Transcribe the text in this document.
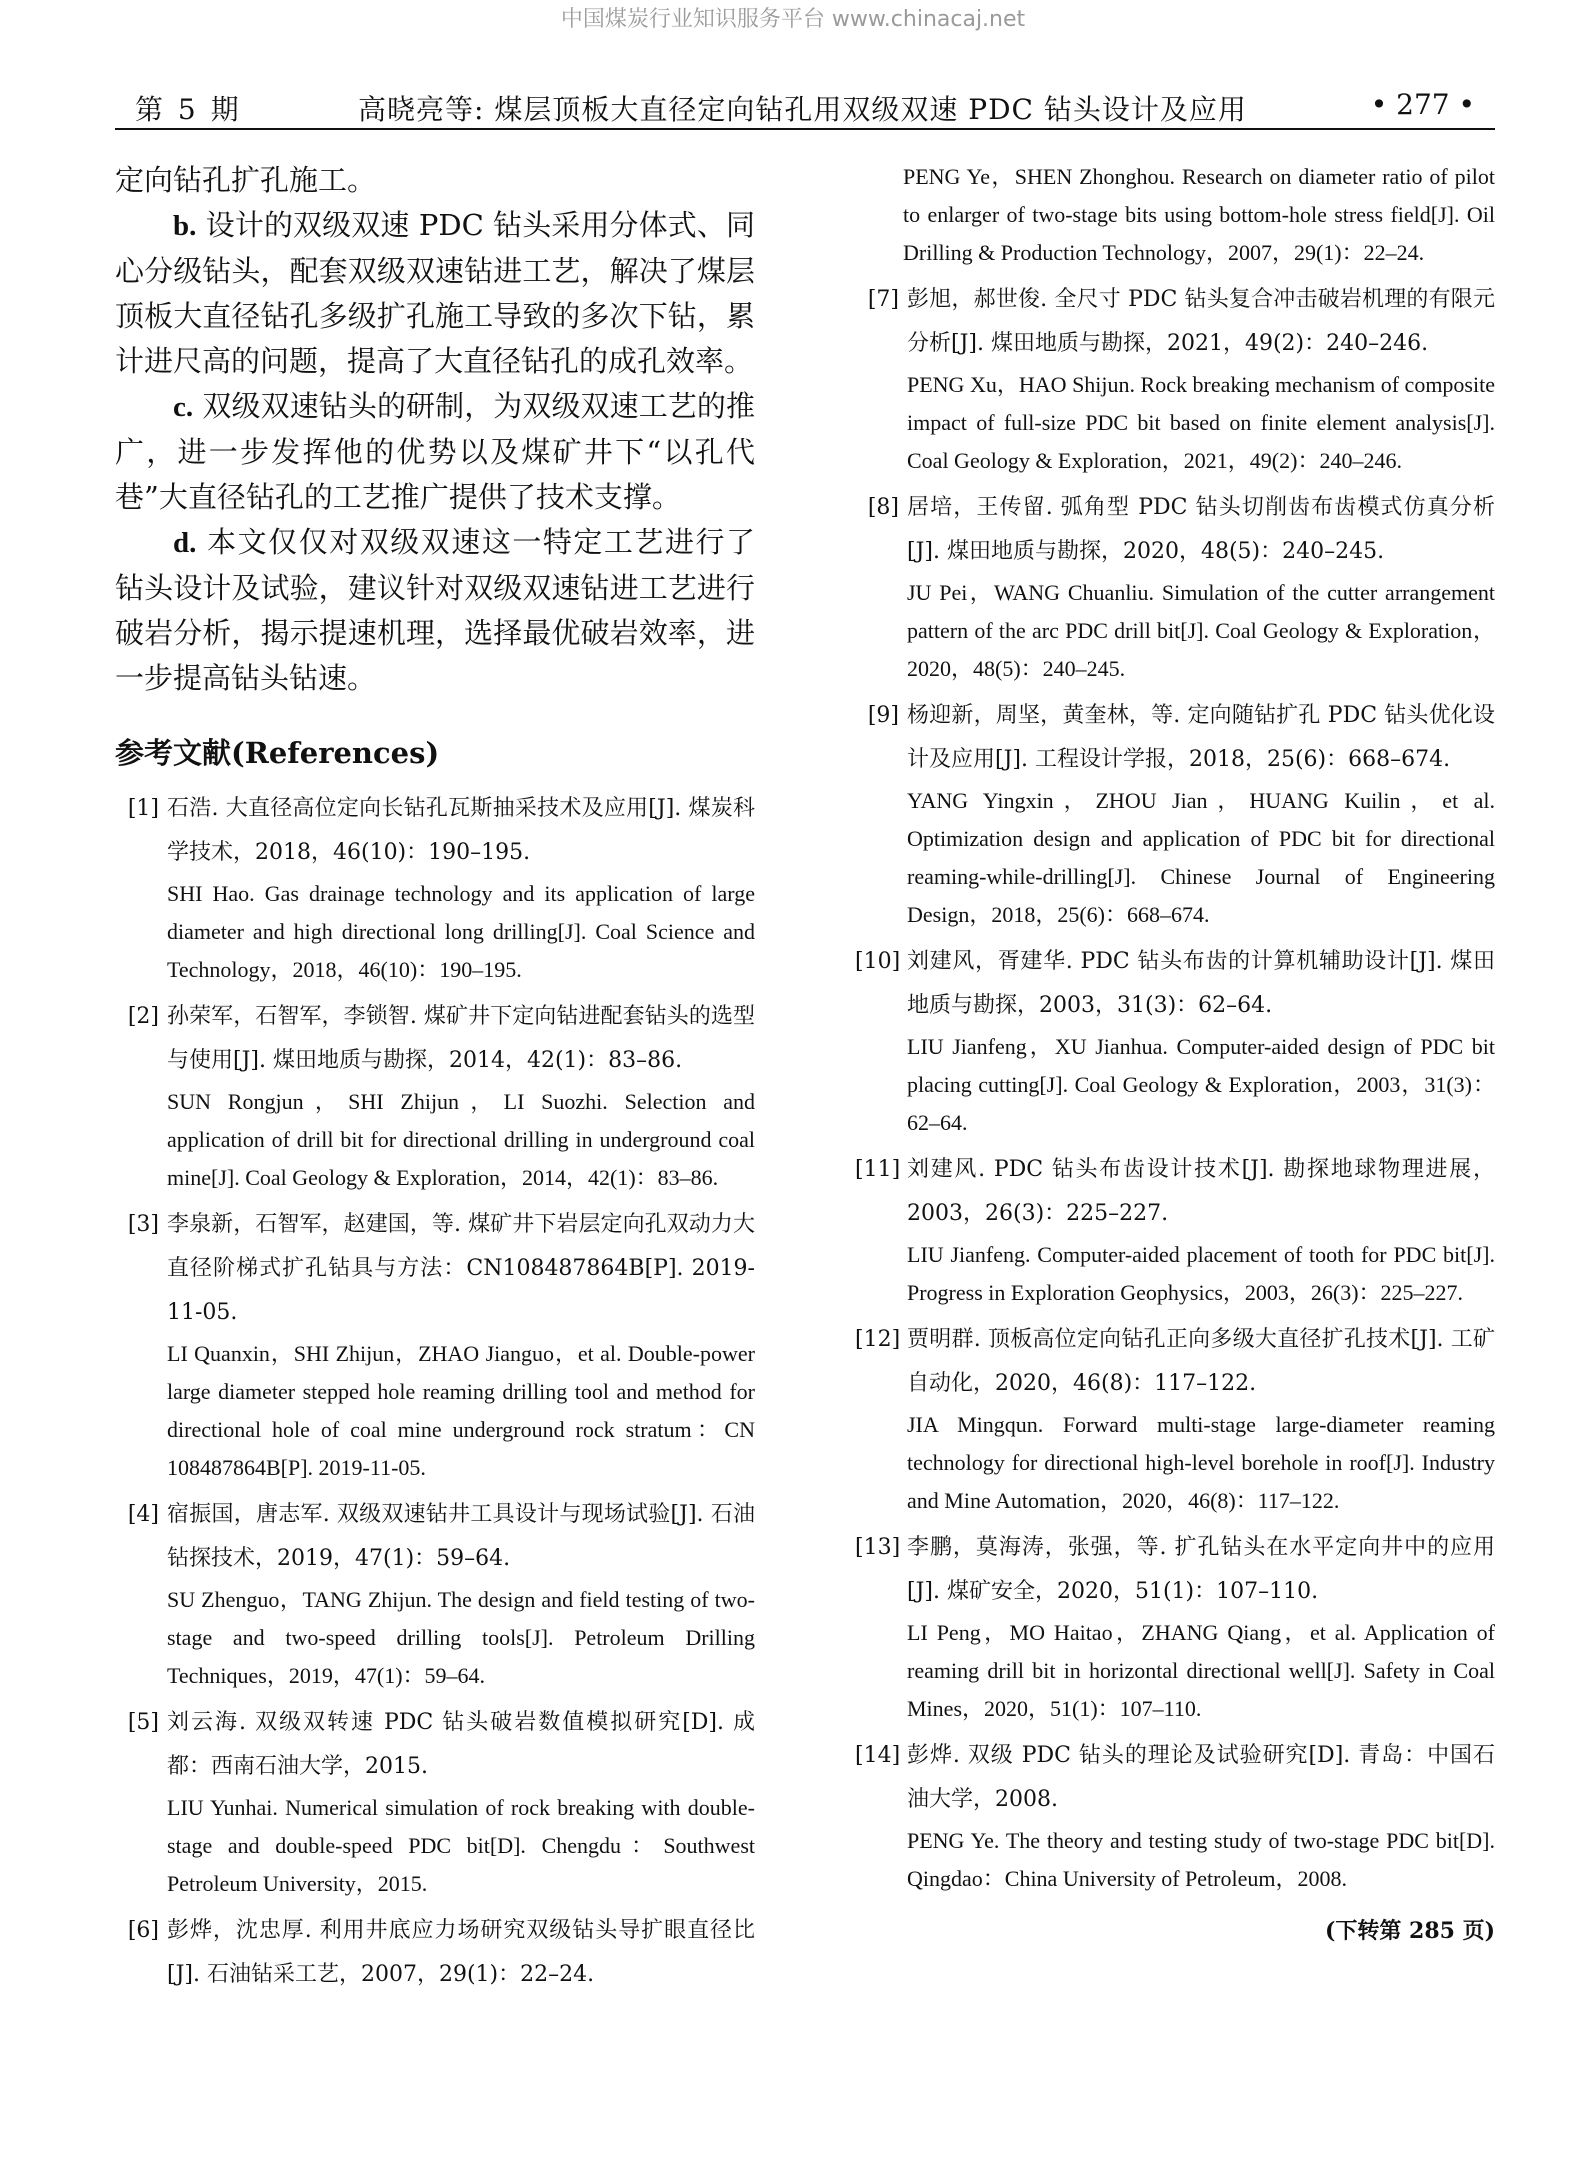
中国煤炭行业知识服务平台 www.chinacaj.net
第 5 期	高晓亮等: 煤层顶板大直径定向钻孔用双级双速 PDC 钻头设计及应用	• 277 •

定向钻孔扩孔施工。

b. 设计的双级双速 PDC 钻头采用分体式、同心分级钻头，配套双级双速钻进工艺，解决了煤层顶板大直径钻孔多级扩孔施工导致的多次下钻，累计进尺高的问题，提高了大直径钻孔的成孔效率。

c. 双级双速钻头的研制，为双级双速工艺的推广，进一步发挥他的优势以及煤矿井下“以孔代巷”大直径钻孔的工艺推广提供了技术支撑。

d. 本文仅仅对双级双速这一特定工艺进行了钻头设计及试验，建议针对双级双速钻进工艺进行破岩分析，揭示提速机理，选择最优破岩效率，进一步提高钻头钻速。

参考文献(References)
[1] 石浩. 大直径高位定向长钻孔瓦斯抽采技术及应用[J]. 煤炭科学技术，2018，46(10)：190–195.
SHI Hao. Gas drainage technology and its application of large diameter and high directional long drilling[J]. Coal Science and Technology，2018，46(10)：190–195.
[2] 孙荣军，石智军，李锁智. 煤矿井下定向钻进配套钻头的选型与使用[J]. 煤田地质与勘探，2014，42(1)：83–86.
SUN Rongjun，SHI Zhijun，LI Suozhi. Selection and application of drill bit for directional drilling in underground coal mine[J]. Coal Geology & Exploration，2014，42(1)：83–86.
[3] 李泉新，石智军，赵建国，等. 煤矿井下岩层定向孔双动力大直径阶梯式扩孔钻具与方法：CN108487864B[P]. 2019-11-05.
LI Quanxin，SHI Zhijun，ZHAO Jianguo，et al. Double-power large diameter stepped hole reaming drilling tool and method for directional hole of coal mine underground rock stratum：CN 108487864B[P]. 2019-11-05.
[4] 宿振国，唐志军. 双级双速钻井工具设计与现场试验[J]. 石油钻探技术，2019，47(1)：59–64.
SU Zhenguo，TANG Zhijun. The design and field testing of two-stage and two-speed drilling tools[J]. Petroleum Drilling Techniques，2019，47(1)：59–64.
[5] 刘云海. 双级双转速 PDC 钻头破岩数值模拟研究[D]. 成都：西南石油大学，2015.
LIU Yunhai. Numerical simulation of rock breaking with double-stage and double-speed PDC bit[D]. Chengdu：Southwest Petroleum University，2015.
[6] 彭烨，沈忠厚. 利用井底应力场研究双级钻头导扩眼直径比[J]. 石油钻采工艺，2007，29(1)：22–24.
PENG Ye，SHEN Zhonghou. Research on diameter ratio of pilot to enlarger of two-stage bits using bottom-hole stress field[J]. Oil Drilling & Production Technology，2007，29(1)：22–24.
[7] 彭旭，郝世俊. 全尺寸 PDC 钻头复合冲击破岩机理的有限元分析[J]. 煤田地质与勘探，2021，49(2)：240–246.
PENG Xu，HAO Shijun. Rock breaking mechanism of composite impact of full-size PDC bit based on finite element analysis[J]. Coal Geology & Exploration，2021，49(2)：240–246.
[8] 居培，王传留. 弧角型 PDC 钻头切削齿布齿模式仿真分析[J]. 煤田地质与勘探，2020，48(5)：240–245.
JU Pei，WANG Chuanliu. Simulation of the cutter arrangement pattern of the arc PDC drill bit[J]. Coal Geology & Exploration，2020，48(5)：240–245.
[9] 杨迎新，周坚，黄奎林，等. 定向随钻扩孔 PDC 钻头优化设计及应用[J]. 工程设计学报，2018，25(6)：668–674.
YANG Yingxin，ZHOU Jian，HUANG Kuilin，et al. Optimization design and application of PDC bit for directional reaming-while-drilling[J]. Chinese Journal of Engineering Design，2018，25(6)：668–674.
[10] 刘建风，胥建华. PDC 钻头布齿的计算机辅助设计[J]. 煤田地质与勘探，2003，31(3)：62–64.
LIU Jianfeng，XU Jianhua. Computer-aided design of PDC bit placing cutting[J]. Coal Geology & Exploration，2003，31(3)：62–64.
[11] 刘建风. PDC 钻头布齿设计技术[J]. 勘探地球物理进展，2003，26(3)：225–227.
LIU Jianfeng. Computer-aided placement of tooth for PDC bit[J]. Progress in Exploration Geophysics，2003，26(3)：225–227.
[12] 贾明群. 顶板高位定向钻孔正向多级大直径扩孔技术[J]. 工矿自动化，2020，46(8)：117–122.
JIA Mingqun. Forward multi-stage large-diameter reaming technology for directional high-level borehole in roof[J]. Industry and Mine Automation，2020，46(8)：117–122.
[13] 李鹏，莫海涛，张强，等. 扩孔钻头在水平定向井中的应用[J]. 煤矿安全，2020，51(1)：107–110.
LI Peng，MO Haitao，ZHANG Qiang，et al. Application of reaming drill bit in horizontal directional well[J]. Safety in Coal Mines，2020，51(1)：107–110.
[14] 彭烨. 双级 PDC 钻头的理论及试验研究[D]. 青岛：中国石油大学，2008.
PENG Ye. The theory and testing study of two-stage PDC bit[D]. Qingdao：China University of Petroleum，2008.
(下转第 285 页)
